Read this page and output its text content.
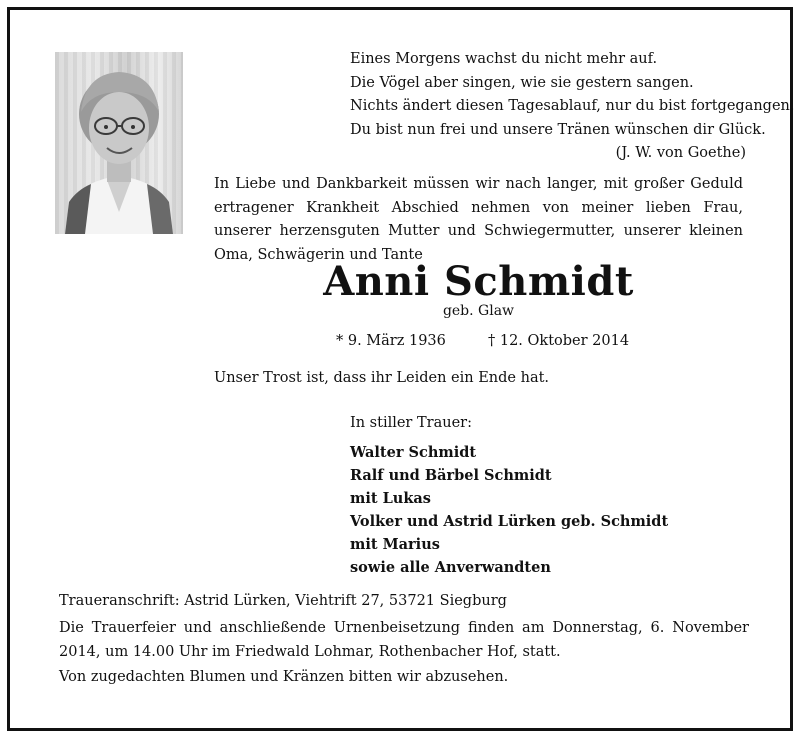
Eines Morgens wachst du nicht mehr auf.
Die Vögel aber singen, wie sie gestern sangen.
Nichts ändert diesen Tagesablauf, nur du bist fortgegangen.
Du bist nun frei und unsere Tränen wünschen dir Glück.
(J. W. von Goethe)
In Liebe und Dankbarkeit müssen wir nach langer, mit großer Geduld ertragener Krankheit Abschied nehmen von meiner lieben Frau, unserer herzensguten Mutter und Schwiegermutter, unserer kleinen Oma, Schwägerin und Tante
Anni Schmidt
geb. Glaw
* 9. März 1936	† 12. Oktober 2014
Unser Trost ist, dass ihr Leiden ein Ende hat.
In stiller Trauer:
Walter Schmidt
Ralf und Bärbel Schmidt
mit Lukas
Volker und Astrid Lürken geb. Schmidt
mit Marius
sowie alle Anverwandten
Traueranschrift: Astrid Lürken, Viehtrift 27, 53721 Siegburg
Die Trauerfeier und anschließende Urnenbeisetzung finden am Donnerstag, 6. November 2014, um 14.00 Uhr im Friedwald Lohmar, Rothenbacher Hof, statt.
Von zugedachten Blumen und Kränzen bitten wir abzusehen.
